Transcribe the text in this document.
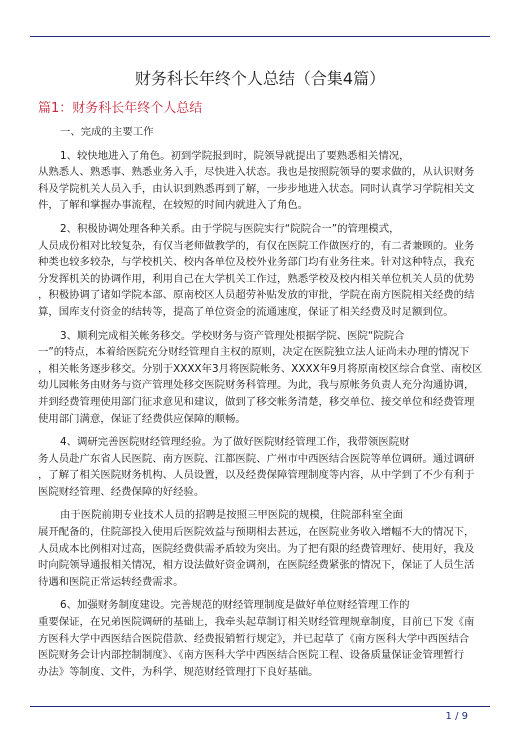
财务科长年终个人总结（合集4篇）
篇1：财务科长年终个人总结
一、完成的主要工作
1、较快地进入了角色。初到学院报到时，院领导就提出了要熟悉相关情况，
从熟悉人、熟悉事、熟悉业务入手，尽快进入状态。我也是按照院领导的要求做的，从认识财务
科及学院机关人员入手，由认识到熟悉再到了解，一步步地进入状态。同时认真学习学院相关文
件，了解和掌握办事流程，在较短的时间内就进入了角色。
2、积极协调处理各种关系。由于学院与医院实行“院院合一”的管理模式，
人员成份相对比较复杂，有仅当老师做教学的，有仅在医院工作做医疗的，有二者兼顾的。业务
种类也较多较杂，与学校机关、校内各单位及校外业务部门均有业务往来。针对这种特点，我充
分发挥机关的协调作用，利用自己在大学机关工作过，熟悉学校及校内相关单位机关人员的优势
，积极协调了诸如学院本部、原南校区人员超劳补贴发放的审批，学院在南方医院相关经费的结
算，国库支付资金的结转等，提高了单位资金的流通速度，保证了相关经费及时足额到位。
3、顺利完成相关帐务移交。学校财务与资产管理处根据学院、医院“院院合
一”的特点，本着给医院充分财经管理自主权的原则，决定在医院独立法人证尚未办理的情况下
，相关帐务逐步移交。分别于XXXX年3月将医院帐务、XXXX年9月将原南校区综合食堂、南校区
幼儿园帐务由财务与资产管理处移交医院财务科管理。为此，我与原帐务负责人充分沟通协调，
并到经费管理使用部门征求意见和建议，做到了移交帐务清楚，移交单位、接交单位和经费管理
使用部门满意，保证了经费供应保障的顺畅。
4、调研完善医院财经管理经验。为了做好医院财经管理工作，我带领医院财
务人员赴广东省人民医院、南方医院、江都医院、广州市中西医结合医院等单位调研。通过调研
，了解了相关医院财务机构、人员设置，以及经费保障管理制度等内容，从中学到了不少有利于
医院财经管理、经费保障的好经验。
由于医院前期专业技术人员的招聘是按照三甲医院的规模，住院部科室全面
展开配备的，住院部投入使用后医院效益与预期相去甚远，在医院业务收入增幅不大的情况下，
人员成本比例相对过高，医院经费供需矛盾较为突出。为了把有限的经费管理好、使用好，我及
时向院领导通报相关情况，相方设法做好资金调剂，在医院经费紧张的情况下，保证了人员生活
待遇和医院正常运转经费需求。
6、加强财务制度建设。完善规范的财经管理制度是做好单位财经管理工作的
重要保证，在兄弟医院调研的基础上，我牵头起草制订相关财经管理规章制度，目前已下发《南
方医科大学中西医结合医院借款、经费报销暂行规定》，并已起草了《南方医科大学中西医结合
医院财务会计内部控制制度》、《南方医科大学中西医结合医院工程、设备质量保证金管理暂行
办法》等制度、文件，为科学、规范财经管理打下良好基础。
1 / 9
